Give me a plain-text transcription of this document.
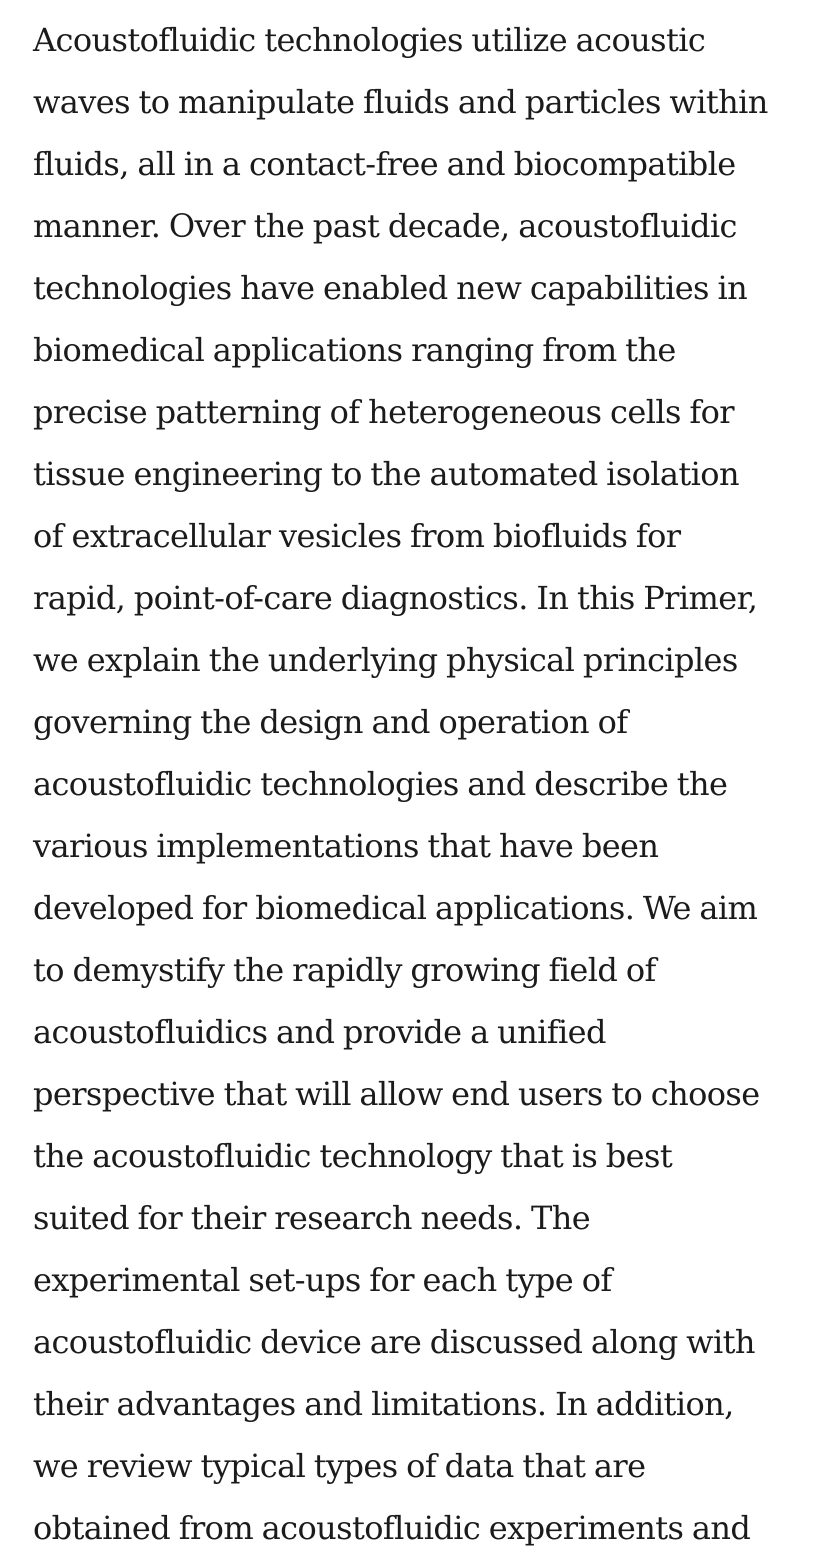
Acoustofluidic technologies utilize acoustic
waves to manipulate fluids and particles within
fluids, all in a contact-free and biocompatible
manner. Over the past decade, acoustofluidic
technologies have enabled new capabilities in
biomedical applications ranging from the
precise patterning of heterogeneous cells for
tissue engineering to the automated isolation
of extracellular vesicles from biofluids for
rapid, point-of-care diagnostics. In this Primer,
we explain the underlying physical principles
governing the design and operation of
acoustofluidic technologies and describe the
various implementations that have been
developed for biomedical applications. We aim
to demystify the rapidly growing field of
acoustofluidics and provide a unified
perspective that will allow end users to choose
the acoustofluidic technology that is best
suited for their research needs. The
experimental set-ups for each type of
acoustofluidic device are discussed along with
their advantages and limitations. In addition,
we review typical types of data that are
obtained from acoustofluidic experiments and
